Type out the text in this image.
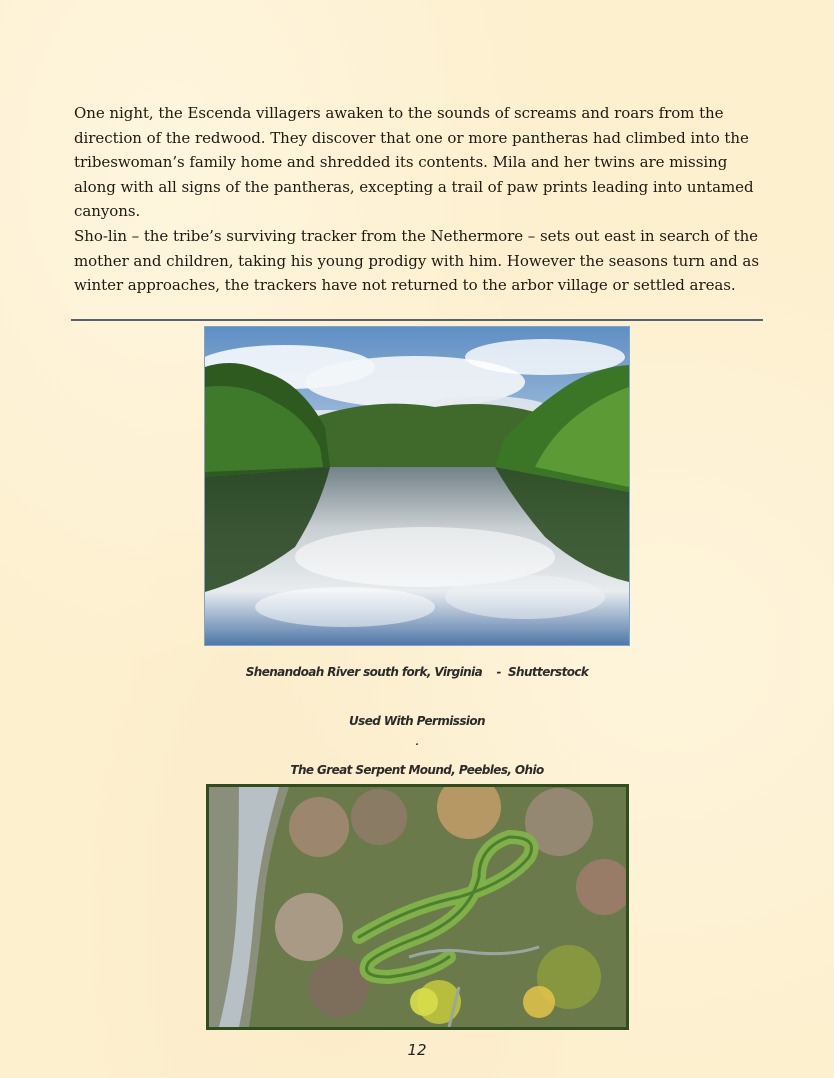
One night, the Escenda villagers awaken to the sounds of screams and roars from the direction of the redwood. They discover that one or more pantheras had climbed into the tribeswoman’s family home and shredded its contents. Mila and her twins are missing along with all signs of the pantheras, excepting a trail of paw prints leading into untamed canyons.

Sho-lin – the tribe’s surviving tracker from the Nethermore – sets out east in search of the mother and children, taking his young prodigy with him. However the seasons turn and as winter approaches, the trackers have not returned to the arbor village or settled areas.

Shenandoah River south fork, Virginia    -  Shutterstock
Used With Permission
.
The Great Serpent Mound, Peebles, Ohio
12
